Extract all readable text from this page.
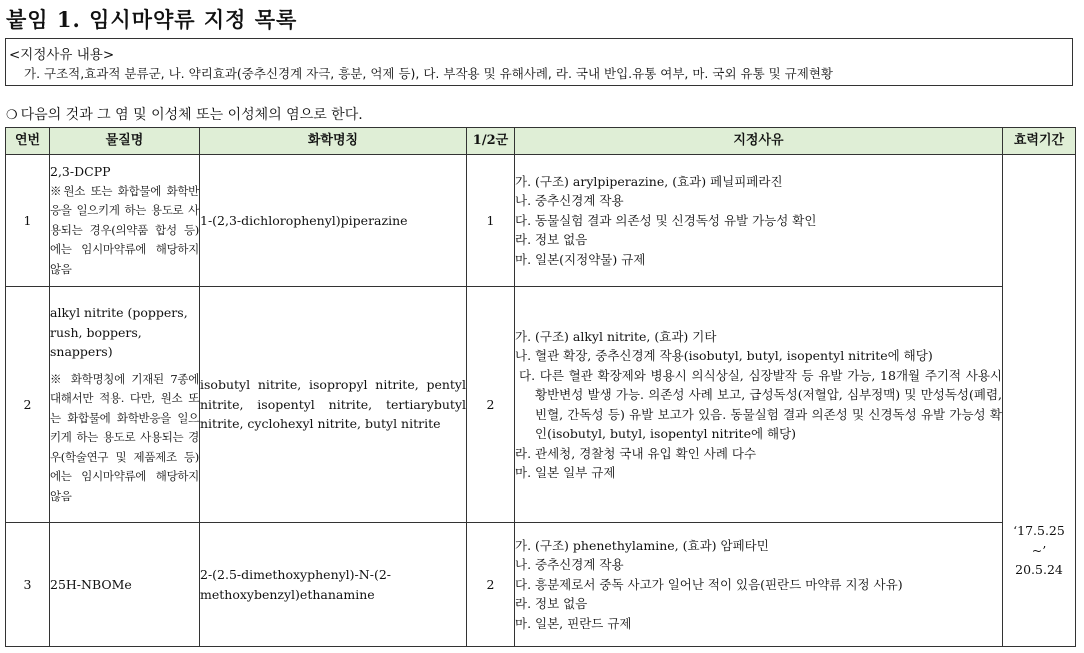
붙임 1. 임시마약류 지정 목록
<지정사유 내용>
가. 구조적,효과적 분류군, 나. 약리효과(중추신경계 자극, 흥분, 억제 등), 다. 부작용 및 유해사례, 라. 국내 반입.유통 여부, 마. 국외 유통 및 규제현황
❍ 다음의 것과 그 염 및 이성체 또는 이성체의 염으로 한다.
연번	물질명	화학명칭	1/2군	지정사유	효력기간
1	2,3-DCPP
※원소 또는 화합물에 화학반응을 일으키게 하는 용도로 사용되는 경우(의약품 합성 등) 에는 임시마약류에 해당하지 않음	1-(2,3-dichlorophenyl)piperazine	1	가. (구조) arylpiperazine, (효과) 페닐피페라진
나. 중추신경계 작용
다. 동물실험 결과 의존성 및 신경독성 유발 가능성 확인
라. 정보 없음
마. 일본(지정약물) 규제	‘17.5.25 ~’ 20.5.24
2	alkyl nitrite (poppers, rush, boppers, snappers)
※ 화학명칭에 기재된 7종에 대해서만 적용. 다만, 원소 또는 화합물에 화학반응을 일으키게 하는 용도로 사용되는 경우(학술연구 및 제품제조 등) 에는 임시마약류에 해당하지 않음	isobutyl nitrite, isopropyl nitrite, pentyl nitrite, isopentyl nitrite, tertiarybutyl nitrite, cyclohexyl nitrite, butyl nitrite	2	가. (구조) alkyl nitrite, (효과) 기타
나. 혈관 확장, 중추신경계 작용(isobutyl, butyl, isopentyl nitrite에 해당)
다. 다른 혈관 확장제와 병용시 의식상실, 심장발작 등 유발 가능, 18개월 주기적 사용시 황반변성 발생 가능. 의존성 사례 보고, 급성독성(저혈압, 심부정맥) 및 만성독성(폐렴, 빈혈, 간독성 등) 유발 보고가 있음. 동물실험 결과 의존성 및 신경독성 유발 가능성 확인(isobutyl, butyl, isopentyl nitrite에 해당)
라. 관세청, 경찰청 국내 유입 확인 사례 다수
마. 일본 일부 규제	

3	25H-NBOMe	2-(2.5-dimethoxyphenyl)-N-(2-methoxybenzyl)ethanamine	2	가. (구조) phenethylamine, (효과) 암페타민
나. 중추신경계 작용
다. 흥분제로서 중독 사고가 일어난 적이 있음(핀란드 마약류 지정 사유)
라. 정보 없음
마. 일본, 핀란드 규제	
